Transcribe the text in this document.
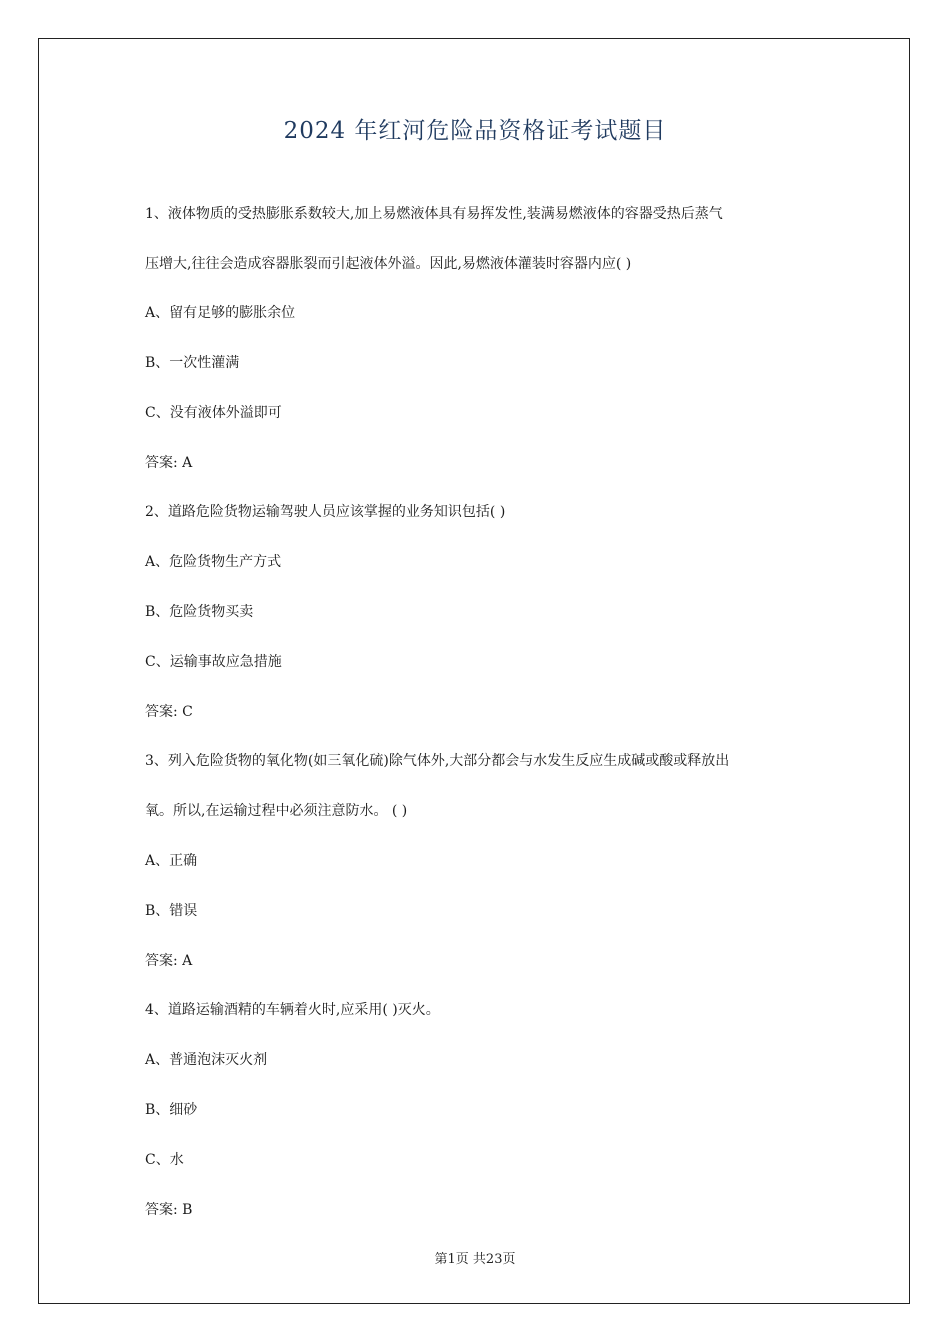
2024 年红河危险品资格证考试题目
1、液体物质的受热膨胀系数较大,加上易燃液体具有易挥发性,装满易燃液体的容器受热后蒸气
压增大,往往会造成容器胀裂而引起液体外溢。因此,易燃液体灌装时容器内应( )
A、留有足够的膨胀余位
B、一次性灌满
C、没有液体外溢即可
答案: A
2、道路危险货物运输驾驶人员应该掌握的业务知识包括( )
A、危险货物生产方式
B、危险货物买卖
C、运输事故应急措施
答案: C
3、列入危险货物的氧化物(如三氧化硫)除气体外,大部分都会与水发生反应生成碱或酸或释放出
氧。所以,在运输过程中必须注意防水。 ( )
A、正确
B、错误
答案: A
4、道路运输酒精的车辆着火时,应采用( )灭火。
A、普通泡沫灭火剂
B、细砂
C、水
答案: B
第1页 共23页
